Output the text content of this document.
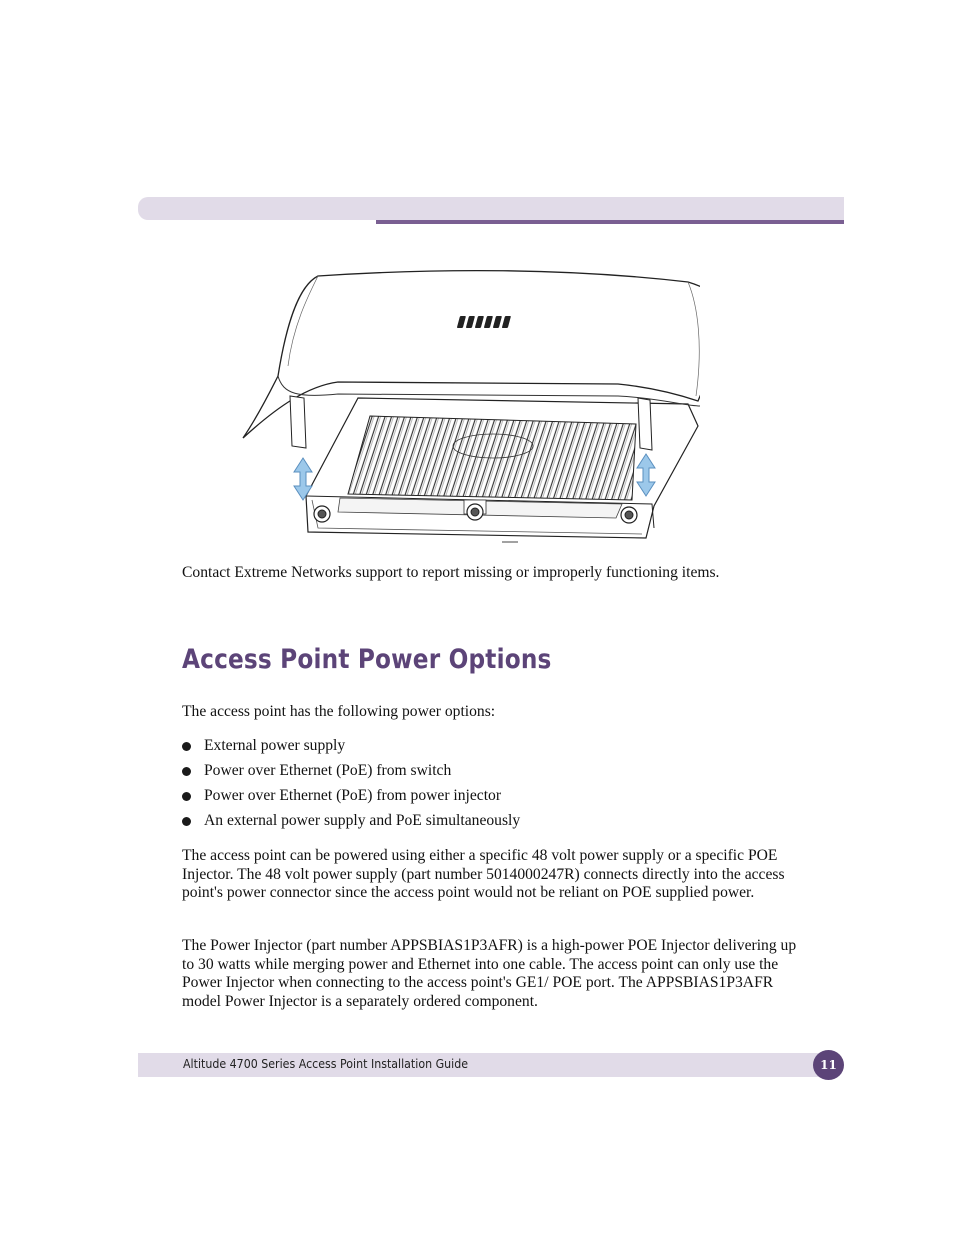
Contact Extreme Networks support to report missing or improperly functioning items.

Access Point Power Options

The access point has the following power options:

External power supply
Power over Ethernet (PoE) from switch
Power over Ethernet (PoE) from power injector
An external power supply and PoE simultaneously

The access point can be powered using either a specific 48 volt power supply or a specific POE Injector. The 48 volt power supply (part number 5014000247R) connects directly into the access point's power connector since the access point would not be reliant on POE supplied power.

The Power Injector (part number APPSBIAS1P3AFR) is a high-power POE Injector delivering up to 30 watts while merging power and Ethernet into one cable. The access point can only use the Power Injector when connecting to the access point's GE1/ POE port. The APPSBIAS1P3AFR model Power Injector is a separately ordered component.

Altitude 4700 Series Access Point Installation Guide	11
